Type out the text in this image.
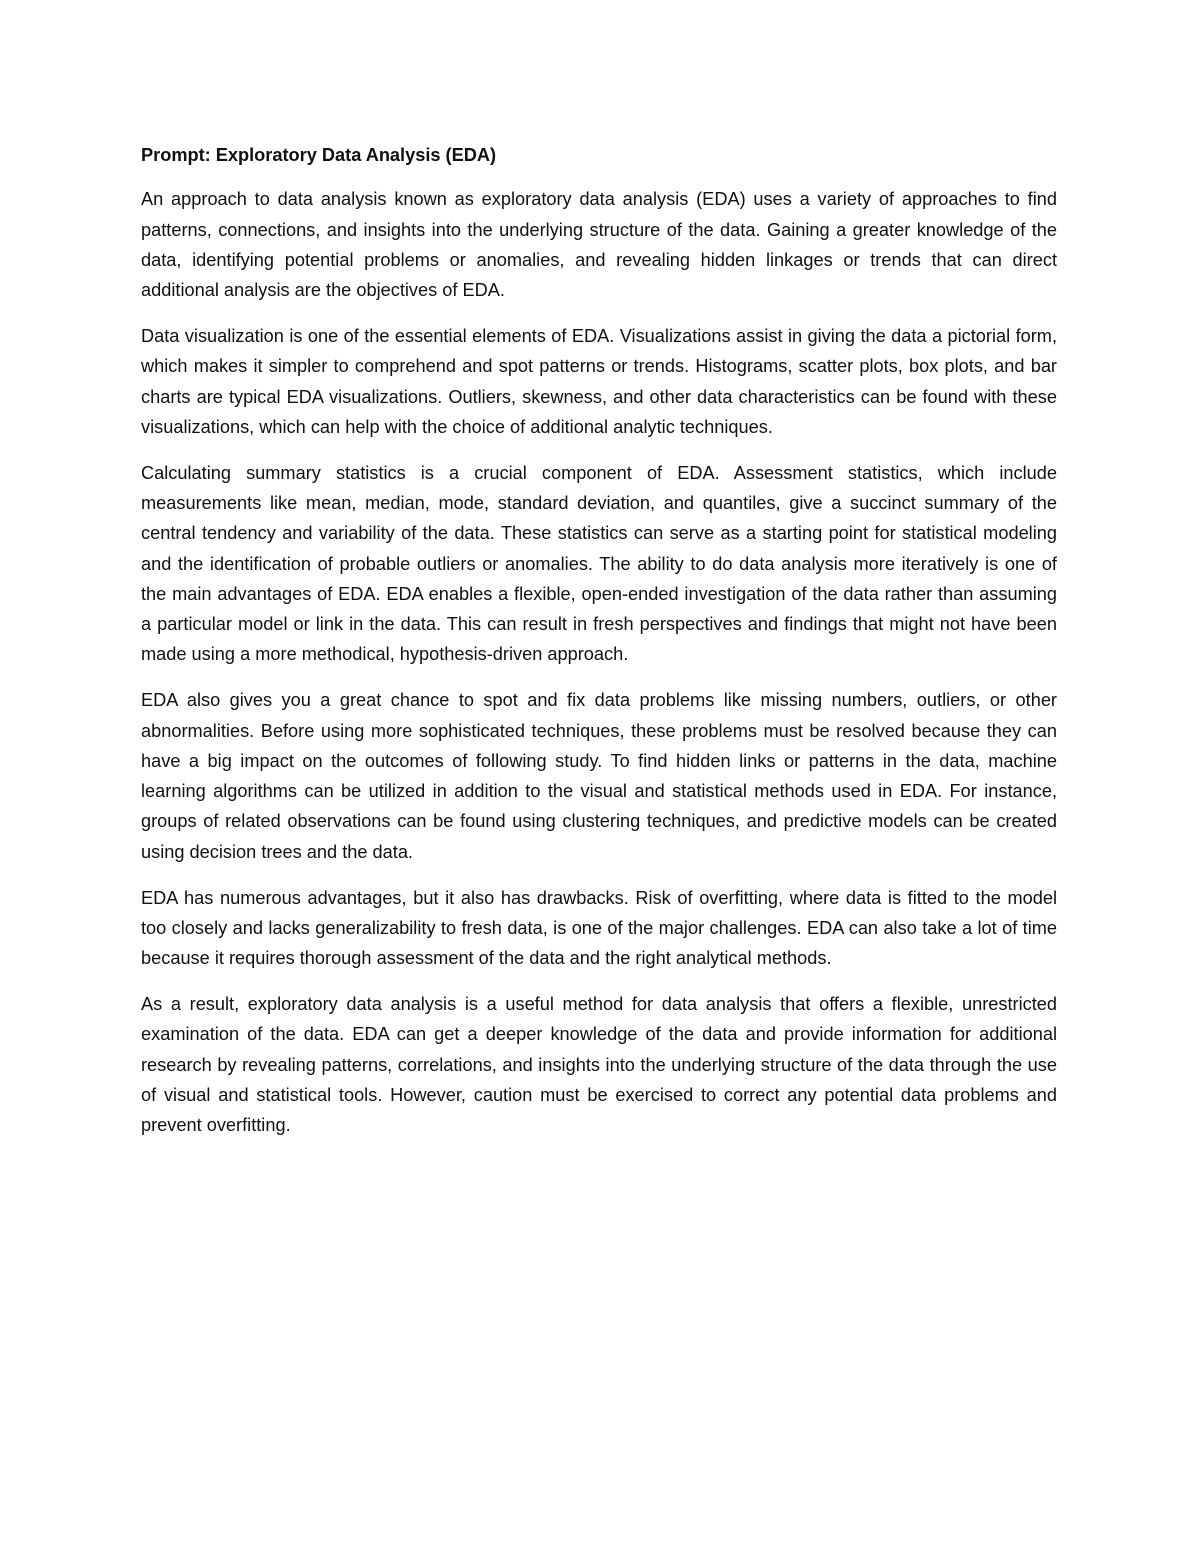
Prompt: Exploratory Data Analysis (EDA)

An approach to data analysis known as exploratory data analysis (EDA) uses a variety of approaches to find patterns, connections, and insights into the underlying structure of the data. Gaining a greater knowledge of the data, identifying potential problems or anomalies, and revealing hidden linkages or trends that can direct additional analysis are the objectives of EDA.

Data visualization is one of the essential elements of EDA. Visualizations assist in giving the data a pictorial form, which makes it simpler to comprehend and spot patterns or trends. Histograms, scatter plots, box plots, and bar charts are typical EDA visualizations. Outliers, skewness, and other data characteristics can be found with these visualizations, which can help with the choice of additional analytic techniques.

Calculating summary statistics is a crucial component of EDA. Assessment statistics, which include measurements like mean, median, mode, standard deviation, and quantiles, give a succinct summary of the central tendency and variability of the data. These statistics can serve as a starting point for statistical modeling and the identification of probable outliers or anomalies. The ability to do data analysis more iteratively is one of the main advantages of EDA. EDA enables a flexible, open-ended investigation of the data rather than assuming a particular model or link in the data. This can result in fresh perspectives and findings that might not have been made using a more methodical, hypothesis-driven approach.

EDA also gives you a great chance to spot and fix data problems like missing numbers, outliers, or other abnormalities. Before using more sophisticated techniques, these problems must be resolved because they can have a big impact on the outcomes of following study. To find hidden links or patterns in the data, machine learning algorithms can be utilized in addition to the visual and statistical methods used in EDA. For instance, groups of related observations can be found using clustering techniques, and predictive models can be created using decision trees and the data.

EDA has numerous advantages, but it also has drawbacks. Risk of overfitting, where data is fitted to the model too closely and lacks generalizability to fresh data, is one of the major challenges. EDA can also take a lot of time because it requires thorough assessment of the data and the right analytical methods.

As a result, exploratory data analysis is a useful method for data analysis that offers a flexible, unrestricted examination of the data. EDA can get a deeper knowledge of the data and provide information for additional research by revealing patterns, correlations, and insights into the underlying structure of the data through the use of visual and statistical tools. However, caution must be exercised to correct any potential data problems and prevent overfitting.
